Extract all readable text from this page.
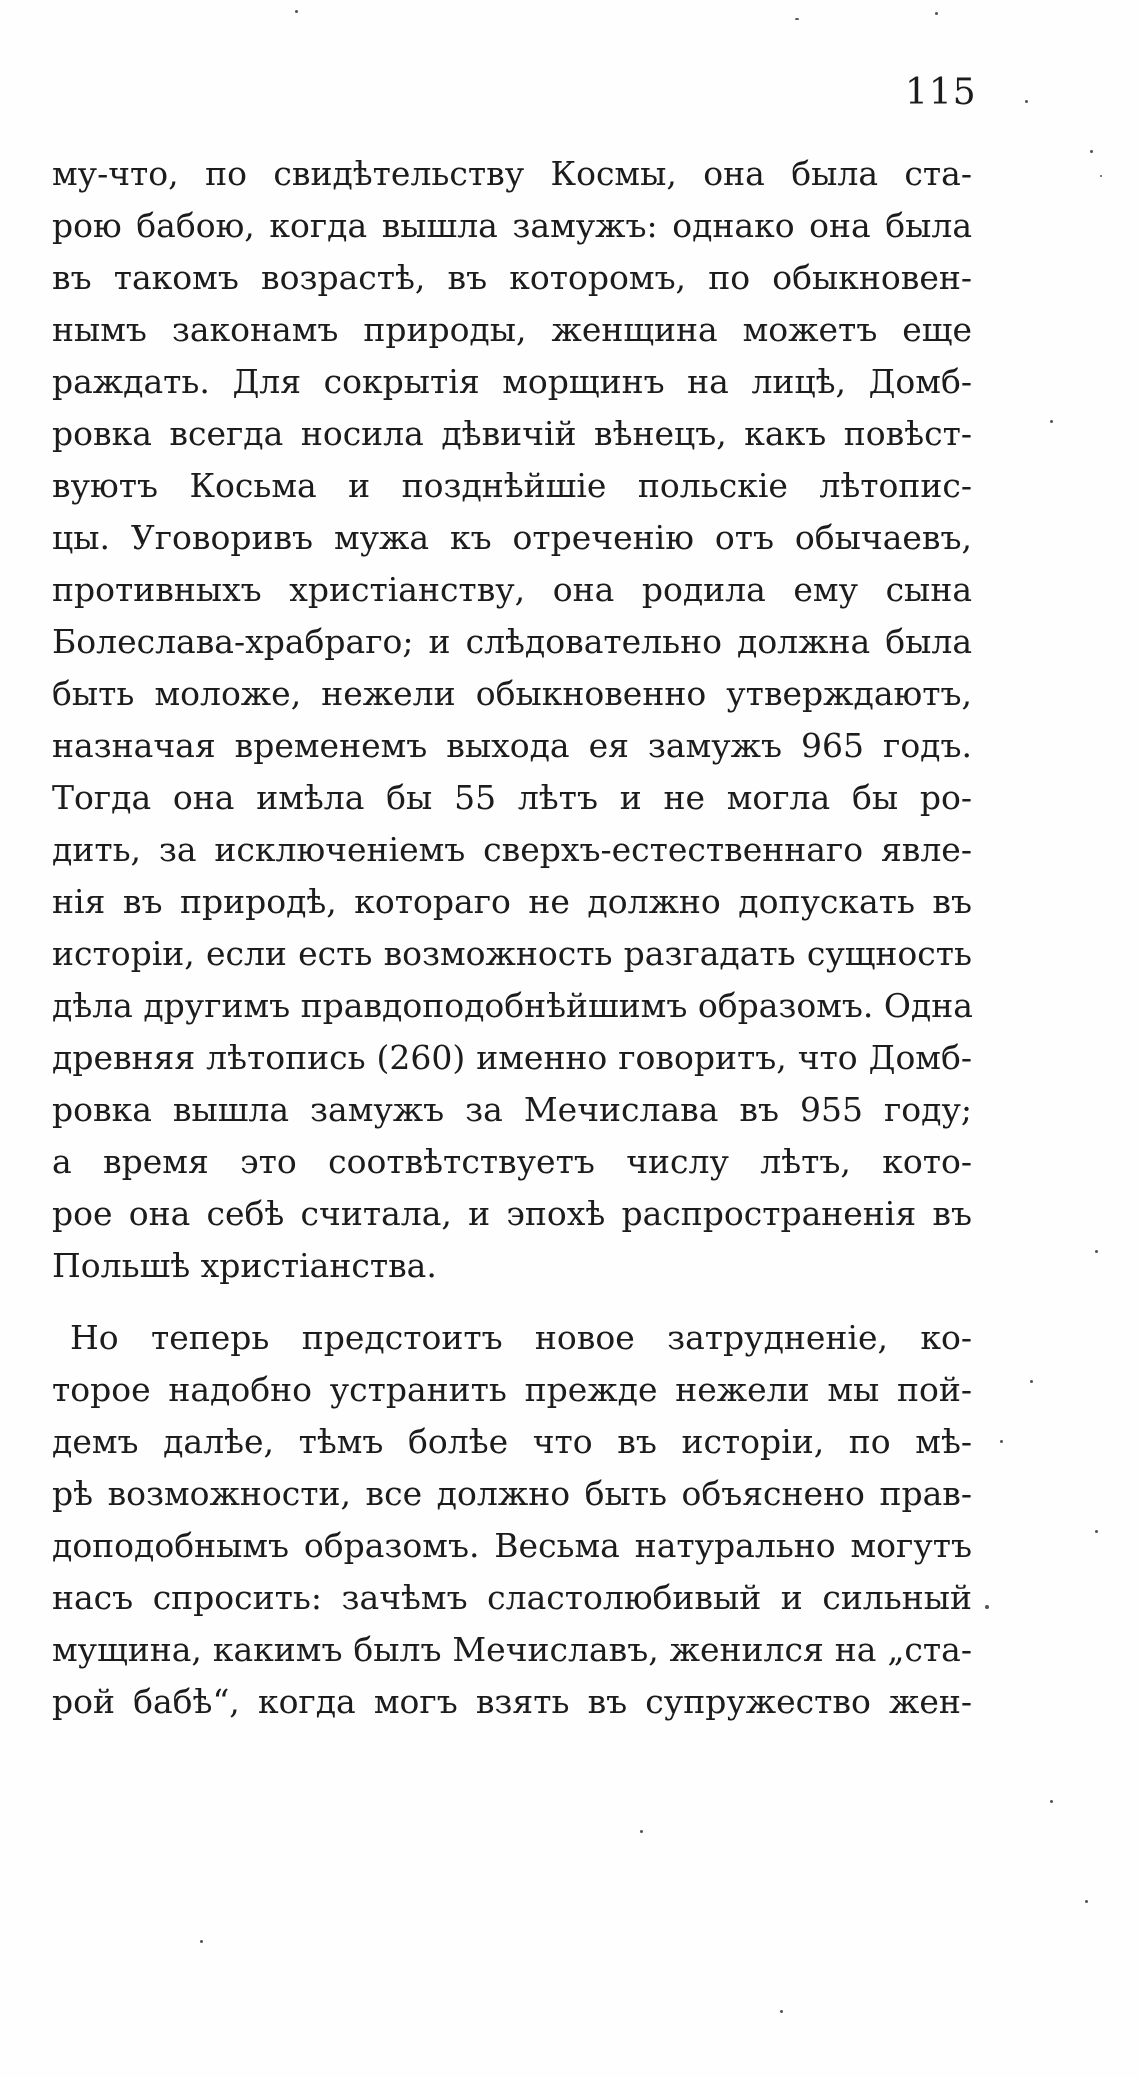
115
му-что, по свидѣтельству Космы, она была ста-
рою бабою, когда вышла замужъ: однако она была
въ такомъ возрастѣ, въ которомъ, по обыкновен-
нымъ законамъ природы, женщина можетъ еще
раждать. Для сокрытія морщинъ на лицѣ, Домб-
ровка всегда носила дѣвичій вѣнецъ, какъ повѣст-
вуютъ Косьма и позднѣйшіе польскіе лѣтопис-
цы. Уговоривъ мужа къ отреченію отъ обычаевъ,
противныхъ христіанству, она родила ему сына
Болеслава-храбраго; и слѣдовательно должна была
быть моложе, нежели обыкновенно утверждаютъ,
назначая временемъ выхода ея замужъ 965 годъ.
Тогда она имѣла бы 55 лѣтъ и не могла бы ро-
дить, за исключеніемъ сверхъ-естественнаго явле-
нія въ природѣ, котораго не должно допускать въ
исторіи, если есть возможность разгадать сущность
дѣла другимъ правдоподобнѣйшимъ образомъ. Одна
древняя лѣтопись (260) именно говоритъ, что Домб-
ровка вышла замужъ за Мечислава въ 955 году;
а время это соотвѣтствуетъ числу лѣтъ, кото-
рое она себѣ считала, и эпохѣ распространенія въ
Польшѣ христіанства.
Но теперь предстоитъ новое затрудненіе, ко-
торое надобно устранить прежде нежели мы пой-
демъ далѣе, тѣмъ болѣе что въ исторіи, по мѣ-
рѣ возможности, все должно быть объяснено прав-
доподобнымъ образомъ. Весьма натурально могутъ
насъ спросить: зачѣмъ сластолюбивый и сильный
мущина, какимъ былъ Мечиславъ, женился на „ста-
рой бабѣ“, когда могъ взять въ супружество жен-
